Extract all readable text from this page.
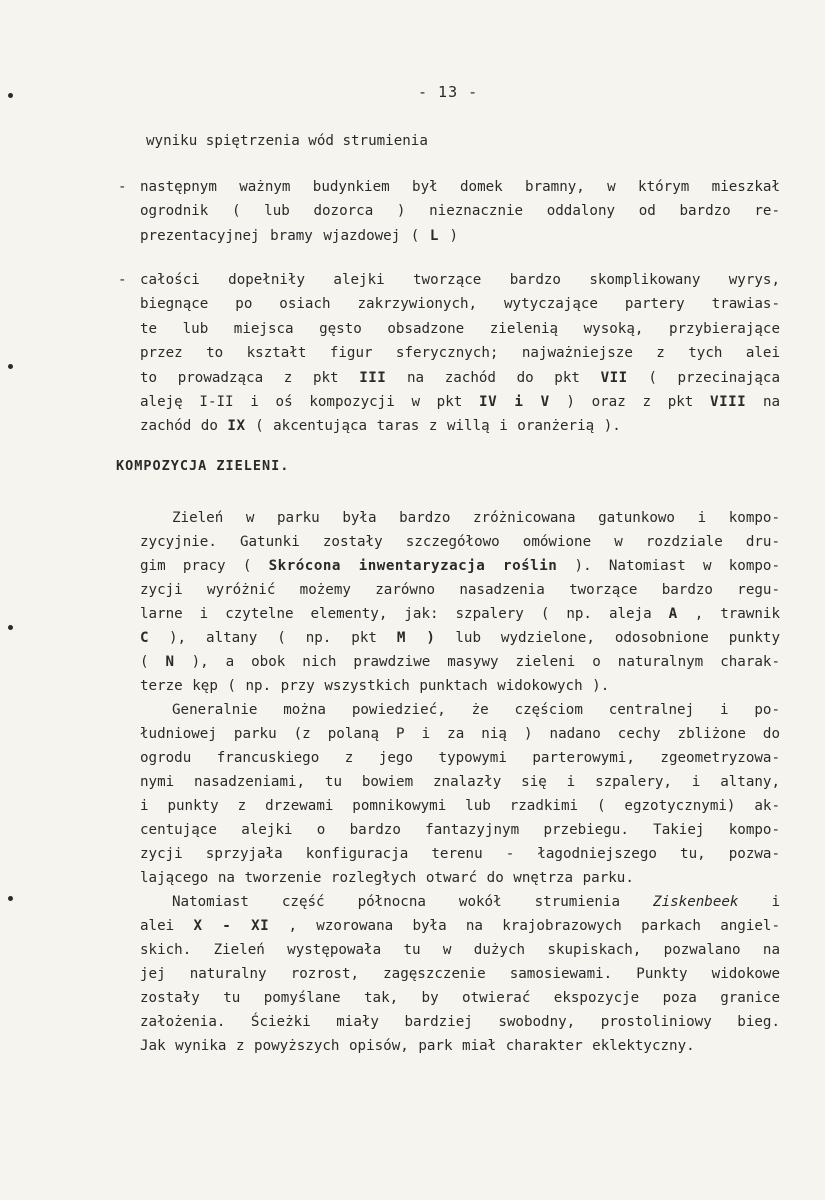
- 13 -
wyniku spiętrzenia wód strumienia
- następnym ważnym budynkiem był domek bramny, w którym mieszkał
ogrodnik ( lub dozorca ) nieznacznie oddalony od bardzo re-
prezentacyjnej bramy wjazdowej ( L )
- całości dopełniły alejki tworzące bardzo skomplikowany wyrys,
biegnące po osiach zakrzywionych, wytyczające partery trawias-
te lub miejsca gęsto obsadzone zielenią wysoką, przybierające
przez to kształt figur sferycznych; najważniejsze z tych alei
to prowadząca z pkt III na zachód do pkt VII ( przecinająca
aleję I-II i oś kompozycji w pkt IV i V ) oraz z pkt VIII na
zachód do IX ( akcentująca taras z willą i oranżerią ).
KOMPOZYCJA ZIELENI.
Zieleń w parku była bardzo zróżnicowana gatunkowo i kompo-
zycyjnie. Gatunki zostały szczegółowo omówione w rozdziale dru-
gim pracy ( Skrócona inwentaryzacja roślin ). Natomiast w kompo-
zycji wyróżnić możemy zarówno nasadzenia tworzące bardzo regu-
larne i czytelne elementy, jak: szpalery ( np. aleja A , trawnik
C ), altany ( np. pkt M ) lub wydzielone, odosobnione punkty
( N ), a obok nich prawdziwe masywy zieleni o naturalnym charak-
terze kęp ( np. przy wszystkich punktach widokowych ).
Generalnie można powiedzieć, że częściom centralnej i po-
łudniowej parku (z polaną P i za nią ) nadano cechy zbliżone do
ogrodu francuskiego z jego typowymi parterowymi, zgeometryzowa-
nymi nasadzeniami, tu bowiem znalazły się i szpalery, i altany,
i punkty z drzewami pomnikowymi lub rzadkimi ( egzotycznymi) ak-
centujące alejki o bardzo fantazyjnym przebiegu. Takiej kompo-
zycji sprzyjała konfiguracja terenu - łagodniejszego tu, pozwa-
lającego na tworzenie rozległych otwarć do wnętrza parku.
Natomiast część północna wokół strumienia Ziskenbeek i
alei X - XI , wzorowana była na krajobrazowych parkach angiel-
skich. Zieleń występowała tu w dużych skupiskach, pozwalano na
jej naturalny rozrost, zagęszczenie samosiewami. Punkty widokowe
zostały tu pomyślane tak, by otwierać ekspozycje poza granice
założenia. Ścieżki miały bardziej swobodny, prostoliniowy bieg.
Jak wynika z powyższych opisów, park miał charakter eklektyczny.
